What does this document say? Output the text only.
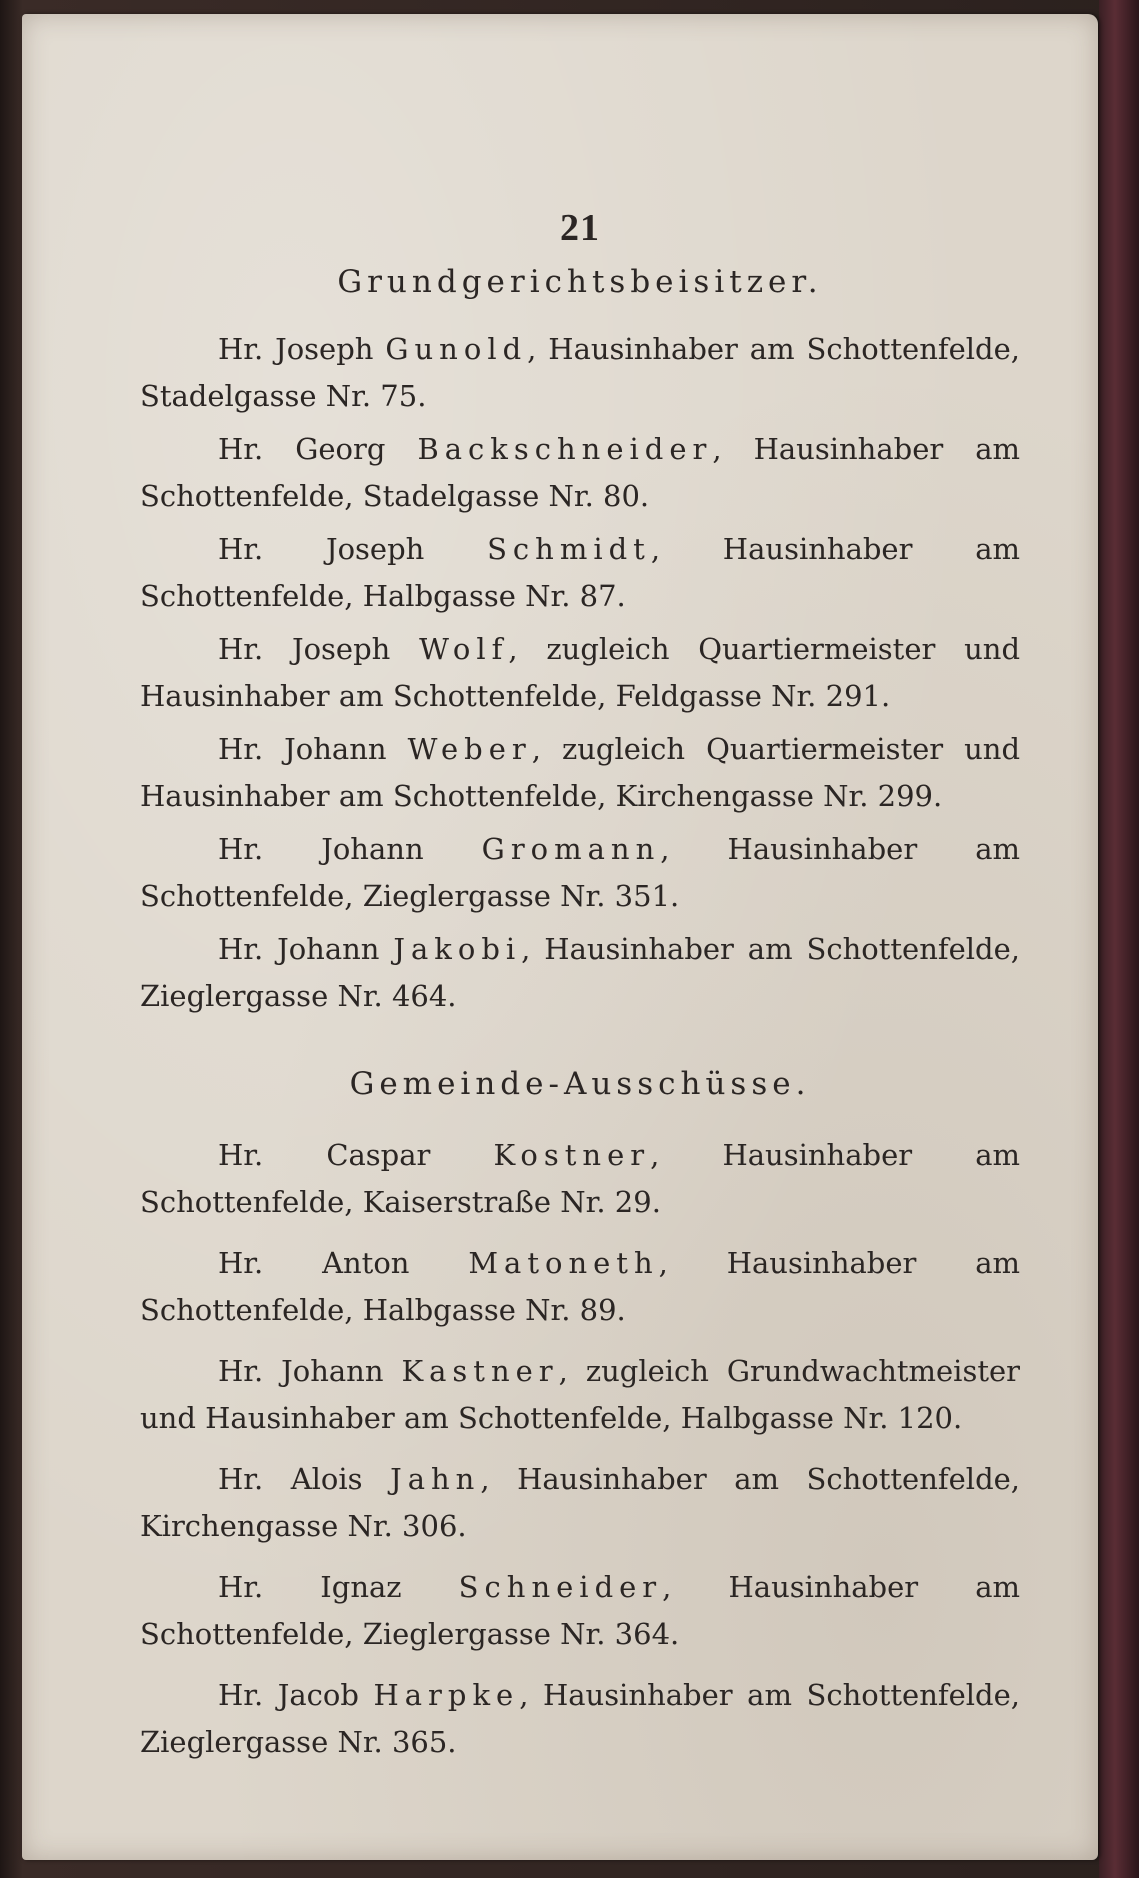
21
Grundgerichtsbeisitzer.

Hr. Joseph Gunold, Hausinhaber am Schottenfelde, Stadelgasse Nr. 75.

Hr. Georg Backschneider, Hausinhaber am Schottenfelde, Stadelgasse Nr. 80.

Hr. Joseph Schmidt, Hausinhaber am Schottenfelde, Halbgasse Nr. 87.

Hr. Joseph Wolf, zugleich Quartiermeister und Hausinhaber am Schottenfelde, Feldgasse Nr. 291.

Hr. Johann Weber, zugleich Quartiermeister und Hausinhaber am Schottenfelde, Kirchengasse Nr. 299.

Hr. Johann Gromann, Hausinhaber am Schottenfelde, Zieglergasse Nr. 351.

Hr. Johann Jakobi, Hausinhaber am Schottenfelde, Zieglergasse Nr. 464.

Gemeinde-Ausschüsse.

Hr. Caspar Kostner, Hausinhaber am Schottenfelde, Kaiserstraße Nr. 29.

Hr. Anton Matoneth, Hausinhaber am Schottenfelde, Halbgasse Nr. 89.

Hr. Johann Kastner, zugleich Grundwachtmeister und Hausinhaber am Schottenfelde, Halbgasse Nr. 120.

Hr. Alois Jahn, Hausinhaber am Schottenfelde, Kirchengasse Nr. 306.

Hr. Ignaz Schneider, Hausinhaber am Schottenfelde, Zieglergasse Nr. 364.

Hr. Jacob Harpke, Hausinhaber am Schottenfelde, Zieglergasse Nr. 365.
